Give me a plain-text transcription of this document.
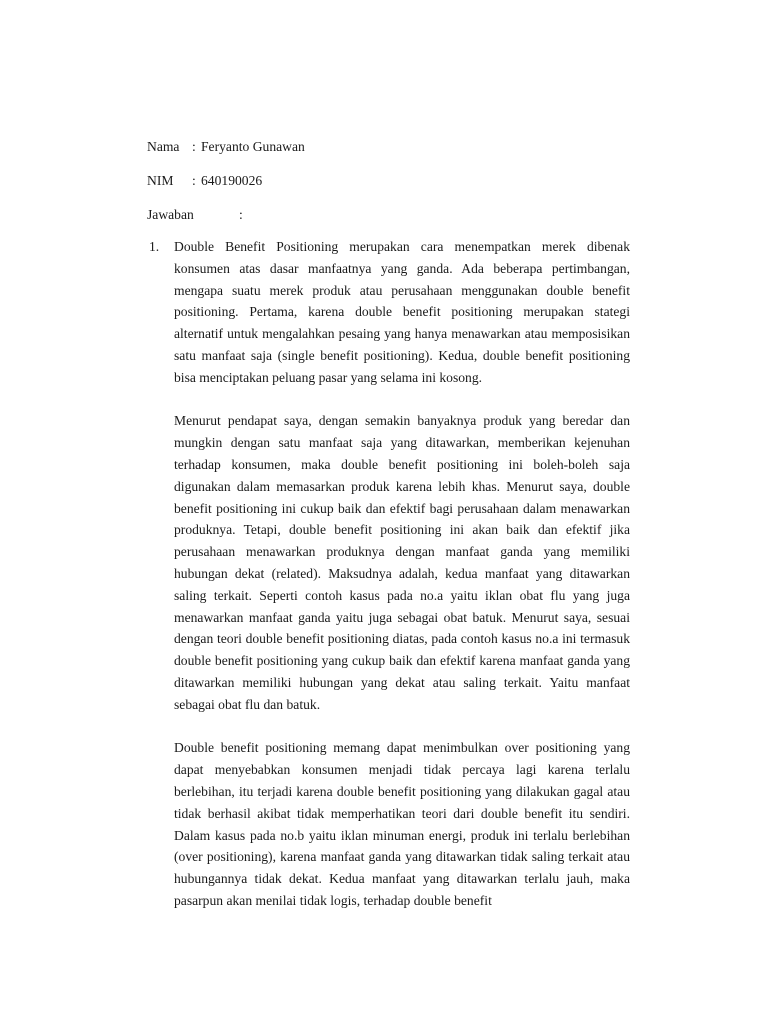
Nama : Feryanto Gunawan
NIM : 640190026
Jawaban	:
1. Double Benefit Positioning merupakan cara menempatkan merek dibenak konsumen atas dasar manfaatnya yang ganda. Ada beberapa pertimbangan, mengapa suatu merek produk atau perusahaan menggunakan double benefit positioning. Pertama, karena double benefit positioning merupakan stategi alternatif untuk mengalahkan pesaing yang hanya menawarkan atau memposisikan satu manfaat saja (single benefit positioning). Kedua, double benefit positioning bisa menciptakan peluang pasar yang selama ini kosong.

Menurut pendapat saya, dengan semakin banyaknya produk yang beredar dan mungkin dengan satu manfaat saja yang ditawarkan, memberikan kejenuhan terhadap konsumen, maka double benefit positioning ini boleh-boleh saja digunakan dalam memasarkan produk karena lebih khas. Menurut saya, double benefit positioning ini cukup baik dan efektif bagi perusahaan dalam menawarkan produknya. Tetapi, double benefit positioning ini akan baik dan efektif jika perusahaan menawarkan produknya dengan manfaat ganda yang memiliki hubungan dekat (related). Maksudnya adalah, kedua manfaat yang ditawarkan saling terkait. Seperti contoh kasus pada no.a yaitu iklan obat flu yang juga menawarkan manfaat ganda yaitu juga sebagai obat batuk. Menurut saya, sesuai dengan teori double benefit positioning diatas, pada contoh kasus no.a ini termasuk double benefit positioning yang cukup baik dan efektif karena manfaat ganda yang ditawarkan memiliki hubungan yang dekat atau saling terkait. Yaitu manfaat sebagai obat flu dan batuk.

Double benefit positioning memang dapat menimbulkan over positioning yang dapat menyebabkan konsumen menjadi tidak percaya lagi karena terlalu berlebihan, itu terjadi karena double benefit positioning yang dilakukan gagal atau tidak berhasil akibat tidak memperhatikan teori dari double benefit itu sendiri. Dalam kasus pada no.b yaitu iklan minuman energi, produk ini terlalu berlebihan (over positioning), karena manfaat ganda yang ditawarkan tidak saling terkait atau hubungannya tidak dekat. Kedua manfaat yang ditawarkan terlalu jauh, maka pasarpun akan menilai tidak logis, terhadap double benefit
